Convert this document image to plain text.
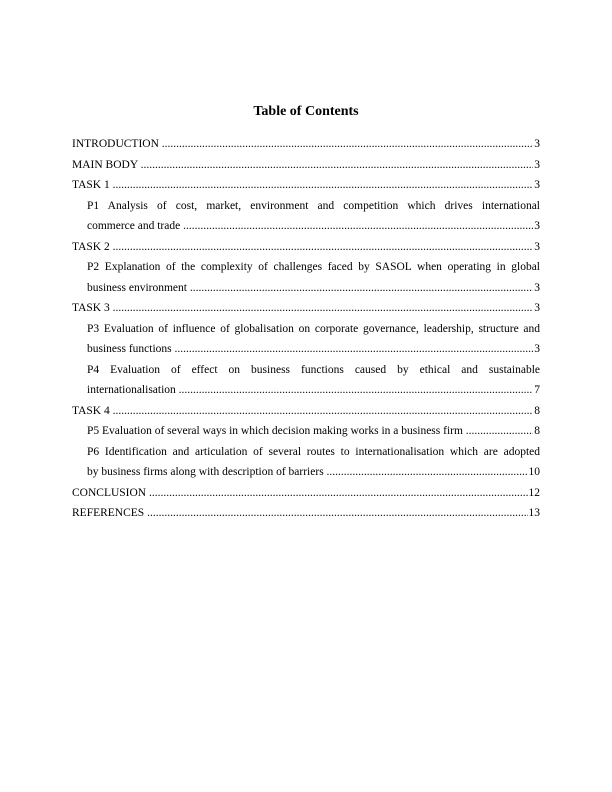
Table of Contents
INTRODUCTION .....	3
MAIN BODY .....	3
TASK 1 .....	3
P1 Analysis of cost, market, environment and competition which drives international
commerce and trade .....	3
TASK 2 .....	3
P2 Explanation of the complexity of challenges faced by SASOL when operating in global
business environment .....	3
TASK 3 .....	3
P3 Evaluation of influence of globalisation on corporate governance, leadership, structure and
business functions .....	3
P4 Evaluation of effect on business functions caused by ethical and sustainable
internationalisation .....	7
TASK 4 .....	8
P5 Evaluation of several ways in which decision making works in a business firm .....	8
P6 Identification and articulation of several routes to internationalisation which are adopted
by business firms along with description of barriers .....	10
CONCLUSION .....	12
REFERENCES .....	13
